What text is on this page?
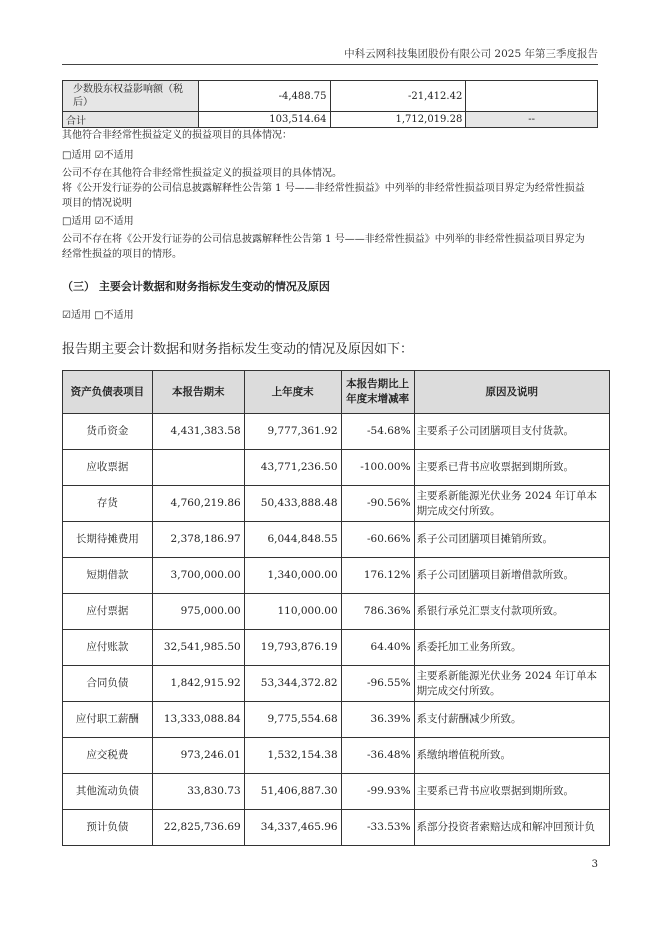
中科云网科技集团股份有限公司 2025 年第三季度报告
少数股东权益影响额（税后）	-4,488.75	-21,412.42	
合计	103,514.64	1,712,019.28	--
其他符合非经常性损益定义的损益项目的具体情况：
□适用 ☑不适用
公司不存在其他符合非经常性损益定义的损益项目的具体情况。
将《公开发行证券的公司信息披露解释性公告第 1 号——非经常性损益》中列举的非经常性损益项目界定为经常性损益项目的情况说明
□适用 ☑不适用
公司不存在将《公开发行证券的公司信息披露解释性公告第 1 号——非经常性损益》中列举的非经常性损益项目界定为经常性损益的项目的情形。
（三） 主要会计数据和财务指标发生变动的情况及原因
☑适用 □不适用
报告期主要会计数据和财务指标发生变动的情况及原因如下：
资产负债表项目	本报告期末	上年度末	本报告期比上年度末增减率	原因及说明
货币资金	4,431,383.58	9,777,361.92	-54.68%	主要系子公司团膳项目支付货款。
应收票据		43,771,236.50	-100.00%	主要系已背书应收票据到期所致。
存货	4,760,219.86	50,433,888.48	-90.56%	主要系新能源光伏业务 2024 年订单本期完成交付所致。
长期待摊费用	2,378,186.97	6,044,848.55	-60.66%	系子公司团膳项目摊销所致。
短期借款	3,700,000.00	1,340,000.00	176.12%	系子公司团膳项目新增借款所致。
应付票据	975,000.00	110,000.00	786.36%	系银行承兑汇票支付款项所致。
应付账款	32,541,985.50	19,793,876.19	64.40%	系委托加工业务所致。
合同负债	1,842,915.92	53,344,372.82	-96.55%	主要系新能源光伏业务 2024 年订单本期完成交付所致。
应付职工薪酬	13,333,088.84	9,775,554.68	36.39%	系支付薪酬减少所致。
应交税费	973,246.01	1,532,154.38	-36.48%	系缴纳增值税所致。
其他流动负债	33,830.73	51,406,887.30	-99.93%	主要系已背书应收票据到期所致。
预计负债	22,825,736.69	34,337,465.96	-33.53%	系部分投资者索赔达成和解冲回预计负
3
